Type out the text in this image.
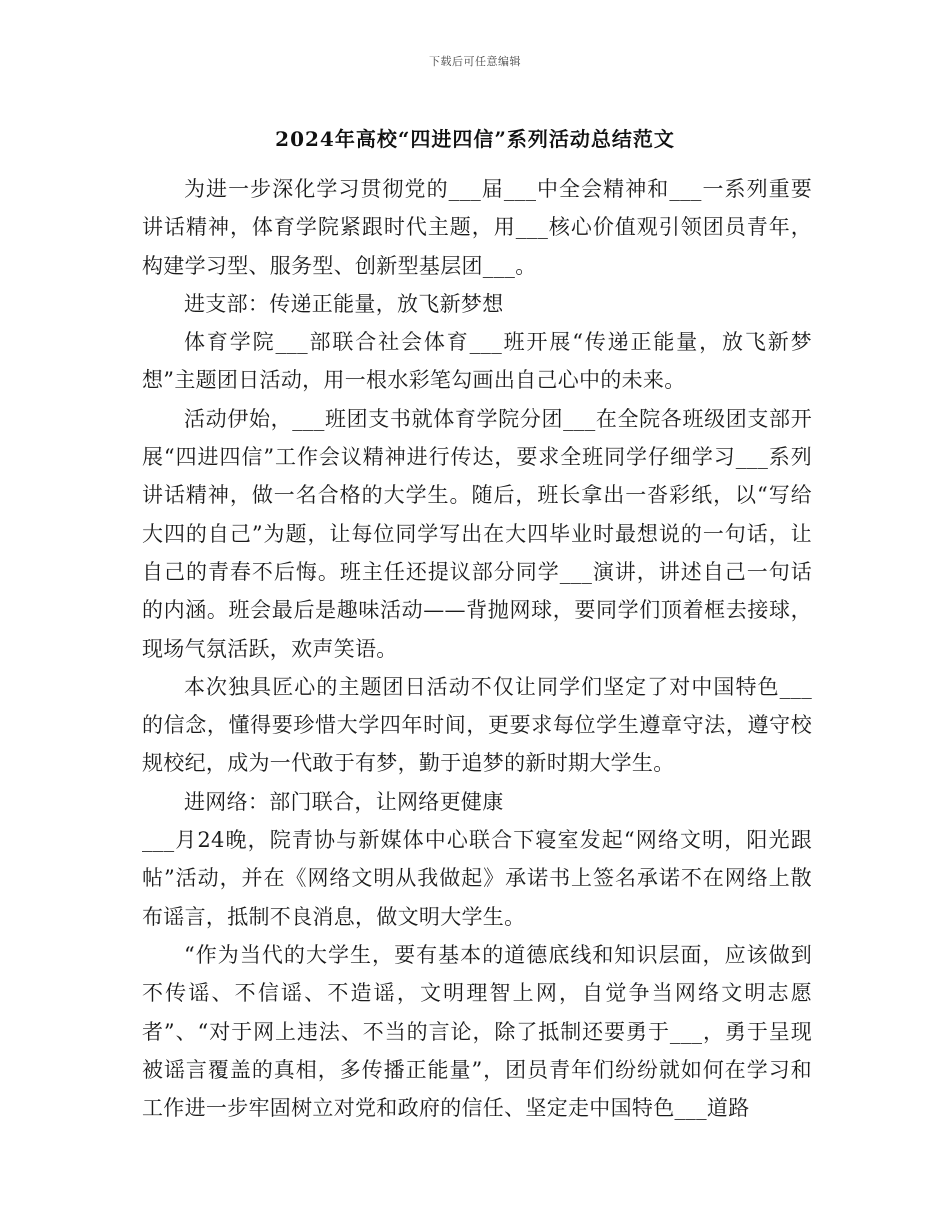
下载后可任意编辑
2024年高校“四进四信”系列活动总结范文

为进一步深化学习贯彻党的___届___中全会精神和___一系列重要讲话精神，体育学院紧跟时代主题，用___核心价值观引领团员青年，构建学习型、服务型、创新型基层团___。

进支部：传递正能量，放飞新梦想

体育学院___部联合社会体育___班开展“传递正能量，放飞新梦想”主题团日活动，用一根水彩笔勾画出自己心中的未来。

活动伊始，___班团支书就体育学院分团___在全院各班级团支部开展“四进四信”工作会议精神进行传达，要求全班同学仔细学习___系列讲话精神，做一名合格的大学生。随后，班长拿出一沓彩纸，以“写给大四的自己”为题，让每位同学写出在大四毕业时最想说的一句话，让自己的青春不后悔。班主任还提议部分同学___演讲，讲述自己一句话的内涵。班会最后是趣味活动——背抛网球，要同学们顶着框去接球，现场气氛活跃，欢声笑语。

本次独具匠心的主题团日活动不仅让同学们坚定了对中国特色___的信念，懂得要珍惜大学四年时间，更要求每位学生遵章守法，遵守校规校纪，成为一代敢于有梦，勤于追梦的新时期大学生。

进网络：部门联合，让网络更健康

___月24晚，院青协与新媒体中心联合下寝室发起“网络文明，阳光跟帖”活动，并在《网络文明从我做起》承诺书上签名承诺不在网络上散布谣言，抵制不良消息，做文明大学生。

“作为当代的大学生，要有基本的道德底线和知识层面，应该做到不传谣、不信谣、不造谣，文明理智上网，自觉争当网络文明志愿者”、“对于网上违法、不当的言论，除了抵制还要勇于___，勇于呈现被谣言覆盖的真相，多传播正能量”，团员青年们纷纷就如何在学习和工作进一步牢固树立对党和政府的信任、坚定走中国特色___道路
